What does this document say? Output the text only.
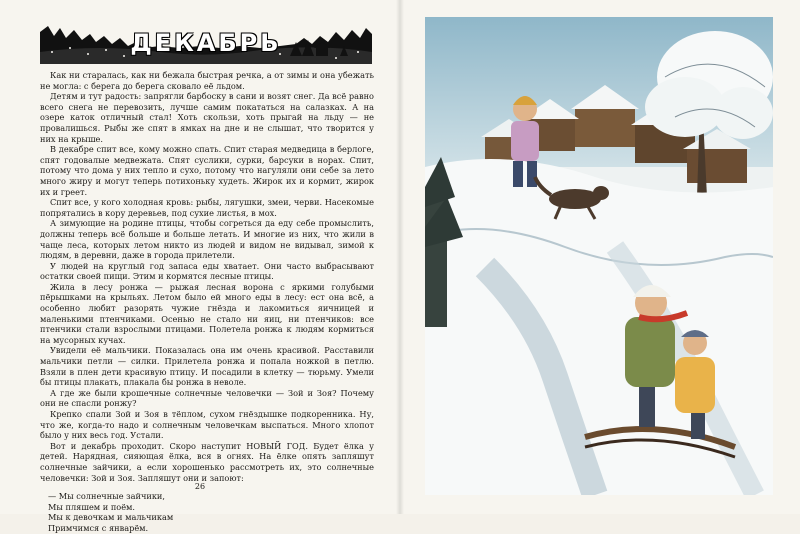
ДЕКАБРЬ

Как ни старалась, как ни бежала быстрая речка, а от зимы и она убежать не могла: с берега до берега сковало её льдом.

Детям и тут радость: запрягли барбоску в сани и возят снег. Да всё равно всего снега не перевозить, лучше самим покататься на салазках. А на озере каток отличный стал! Хоть скользи, хоть прыгай на льду — не провалишься. Рыбы же спят в ямках на дне и не слышат, что творится у них на крыше.

В декабре спит все, кому можно спать. Спит старая медведица в берлоге, спят годовалые медвежата. Спят суслики, сурки, барсуки в норах. Спит, потому что дома у них тепло и сухо, потому что нагуляли они себе за лето много жиру и могут теперь потихоньку худеть. Жирок их и кормит, жирок их и греет.

Спит все, у кого холодная кровь: рыбы, лягушки, змеи, черви. Насекомые попрятались в кору деревьев, под сухие листья, в мох.

А зимующие на родине птицы, чтобы согреться да еду себе промыслить, должны теперь всё больше и больше летать. И многие из них, что жили в чаще леса, которых летом никто из людей и видом не видывал, зимой к людям, в деревни, даже в города прилетели.

У людей на круглый год запаса еды хватает. Они часто выбрасывают остатки своей пищи. Этим и кормятся лесные птицы.

Жила в лесу ронжа — рыжая лесная ворона с яркими голубыми пёрышками на крыльях. Летом было ей много еды в лесу: ест она всё, а особенно любит разорять чужие гнёзда и лакомиться яичницей и маленькими птенчиками. Осенью не стало ни яиц, ни птенчиков: все птенчики стали взрослыми птицами. Полетела ронжа к людям кормиться на мусорных кучах.

Увидели её мальчики. Показалась она им очень красивой. Расставили мальчики петли — силки. Прилетела ронжа и попала ножкой в петлю. Взяли в плен дети красивую птицу. И посадили в клетку — тюрьму. Умели бы птицы плакать, плакала бы ронжа в неволе.

А где же были крошечные солнечные человечки — Зой и Зоя? Почему они не спасли ронжу?

Крепко спали Зой и Зоя в тёплом, сухом гнёздышке подкоренника. Ну, что же, когда-то надо и солнечным человечкам выспаться. Много хлопот было у них весь год. Устали.

Вот и декабрь проходит. Скоро наступит НОВЫЙ ГОД. Будет ёлка у детей. Нарядная, сияющая ёлка, вся в огнях. На ёлке опять запляшут солнечные зайчики, а если хорошенько рассмотреть их, это солнечные человечки: Зой и Зоя. Запляшут они и запоют:

— Мы солнечные зайчики,
Мы пляшем и поём.
Мы к девочкам и мальчикам
Примчимся с январём.
26
